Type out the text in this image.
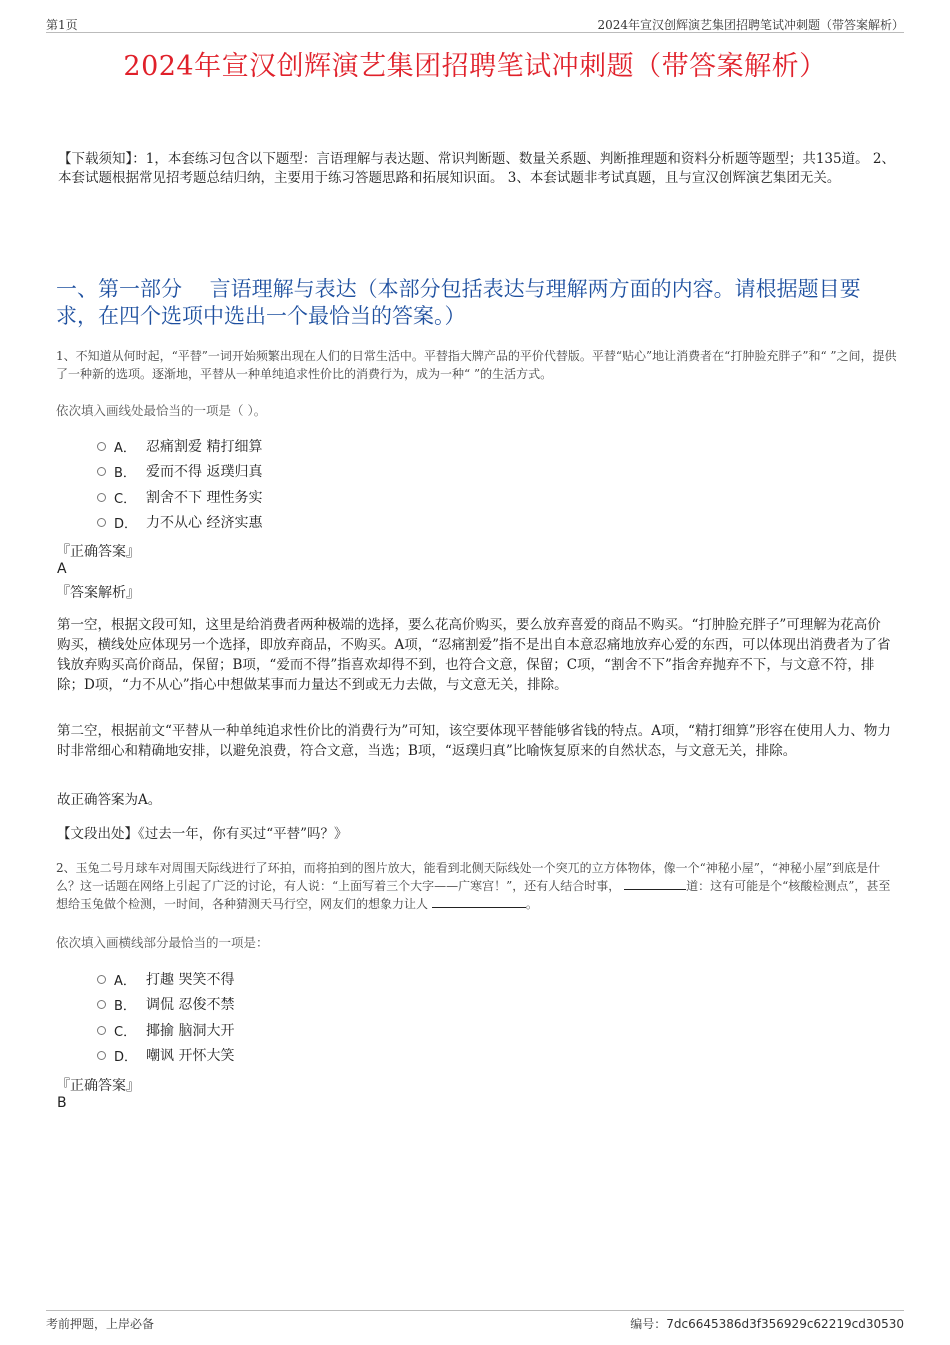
第1页	2024年宣汉创辉演艺集团招聘笔试冲刺题（带答案解析）
2024年宣汉创辉演艺集团招聘笔试冲刺题（带答案解析）
【下载须知】：1，本套练习包含以下题型：言语理解与表达题、常识判断题、数量关系题、判断推理题和资料分析题等题型；共135道。 2、本套试题根据常见招考题总结归纳，主要用于练习答题思路和拓展知识面。 3、本套试题非考试真题，且与宣汉创辉演艺集团无关。
一、第一部分　 言语理解与表达（本部分包括表达与理解两方面的内容。请根据题目要求，在四个选项中选出一个最恰当的答案。）
1、不知道从何时起，“平替”一词开始频繁出现在人们的日常生活中。平替指大牌产品的平价代替版。平替“贴心”地让消费者在“打肿脸充胖子”和“ ”之间，提供了一种新的选项。逐渐地，平替从一种单纯追求性价比的消费行为，成为一种“ ”的生活方式。
依次填入画线处最恰当的一项是（ ）。
A． 忍痛割爱 精打细算
B． 爱而不得 返璞归真
C． 割舍不下 理性务实
D． 力不从心 经济实惠
『正确答案』
A
『答案解析』
第一空，根据文段可知，这里是给消费者两种极端的选择，要么花高价购买，要么放弃喜爱的商品不购买。“打肿脸充胖子”可理解为花高价购买，横线处应体现另一个选择，即放弃商品，不购买。A项，“忍痛割爱”指不是出自本意忍痛地放弃心爱的东西，可以体现出消费者为了省钱放弃购买高价商品，保留；B项，“爱而不得”指喜欢却得不到，也符合文意，保留；C项，“割舍不下”指舍弃抛弃不下，与文意不符，排除；D项，“力不从心”指心中想做某事而力量达不到或无力去做，与文意无关，排除。
第二空，根据前文“平替从一种单纯追求性价比的消费行为”可知，该空要体现平替能够省钱的特点。A项，“精打细算”形容在使用人力、物力时非常细心和精确地安排，以避免浪费，符合文意，当选；B项，“返璞归真”比喻恢复原来的自然状态，与文意无关，排除。
故正确答案为A。
【文段出处】《过去一年，你有买过“平替”吗？》
2、玉兔二号月球车对周围天际线进行了环拍，而将拍到的图片放大，能看到北侧天际线处一个突兀的立方体物体，像一个“神秘小屋”，“神秘小屋”到底是什么？这一话题在网络上引起了广泛的讨论，有人说：“上面写着三个大字——广寒宫！”，还有人结合时事，	道：这有可能是个“核酸检测点”，甚至想给玉兔做个检测，一时间，各种猜测天马行空，网友们的想象力让人	。
依次填入画横线部分最恰当的一项是：
A． 打趣 哭笑不得
B． 调侃 忍俊不禁
C． 揶揄 脑洞大开
D． 嘲讽 开怀大笑
『正确答案』
B
考前押题，上岸必备	编号：7dc6645386d3f356929c62219cd30530
